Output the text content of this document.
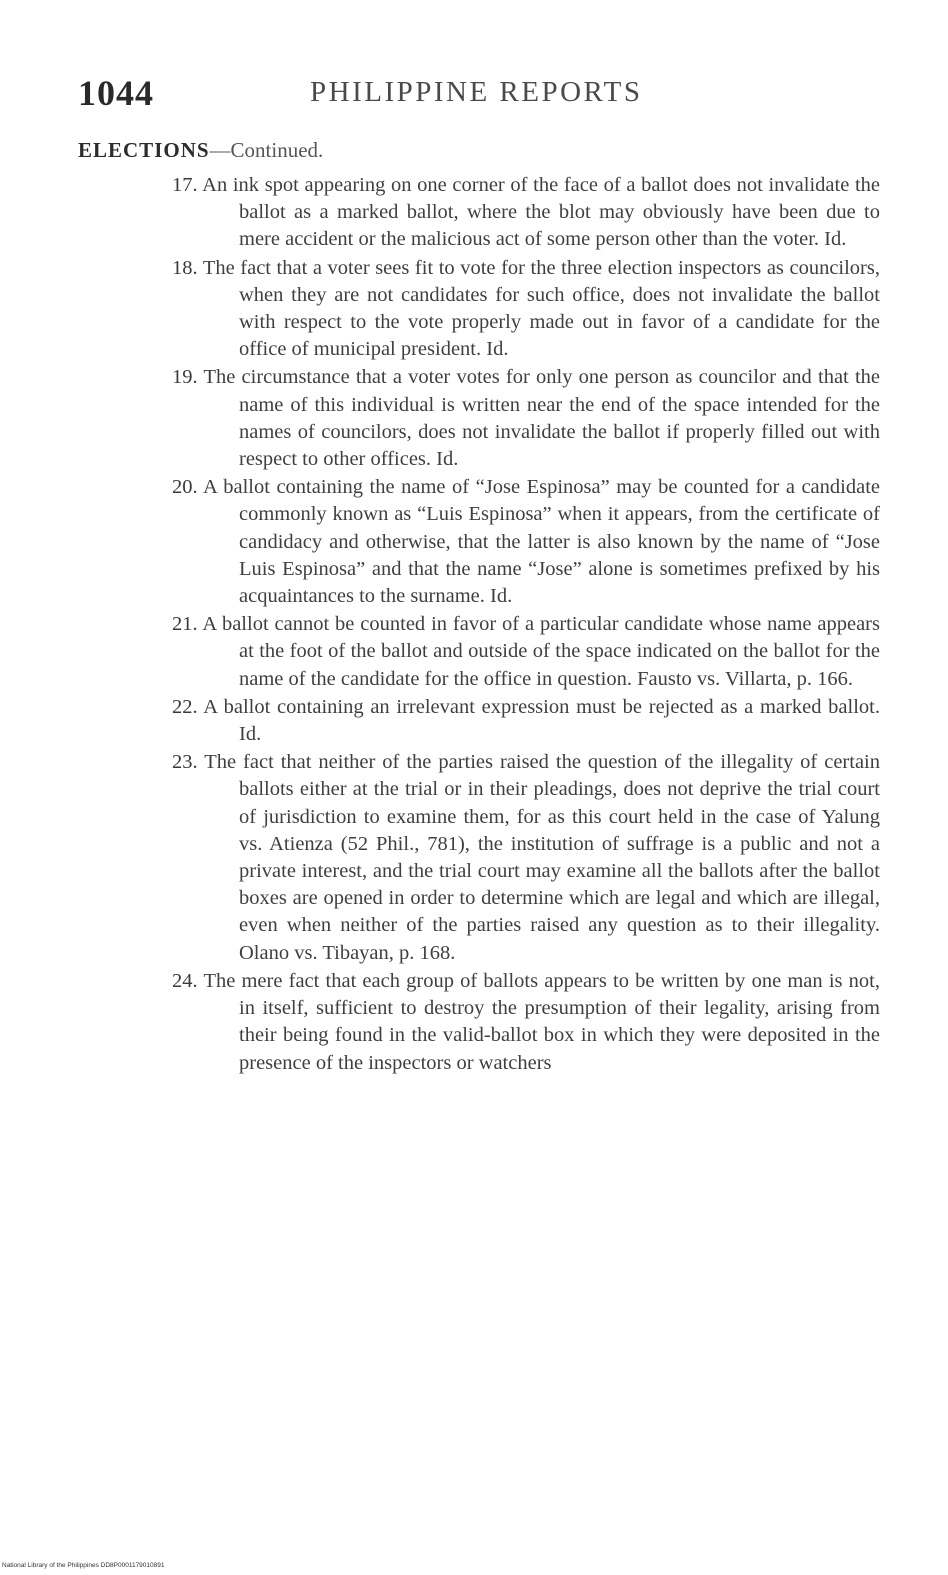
1044	PHILIPPINE REPORTS
ELECTIONS—Continued.
17. An ink spot appearing on one corner of the face of a ballot does not invalidate the ballot as a marked ballot, where the blot may obviously have been due to mere accident or the malicious act of some person other than the voter. Id.
18. The fact that a voter sees fit to vote for the three election inspectors as councilors, when they are not candidates for such office, does not invalidate the ballot with respect to the vote properly made out in favor of a candidate for the office of municipal president. Id.
19. The circumstance that a voter votes for only one person as councilor and that the name of this individual is written near the end of the space intended for the names of councilors, does not invalidate the ballot if properly filled out with respect to other offices. Id.
20. A ballot containing the name of “Jose Espinosa” may be counted for a candidate commonly known as “Luis Espinosa” when it appears, from the certificate of candidacy and otherwise, that the latter is also known by the name of “Jose Luis Espinosa” and that the name “Jose” alone is sometimes prefixed by his acquaintances to the surname. Id.
21. A ballot cannot be counted in favor of a particular candidate whose name appears at the foot of the ballot and outside of the space indicated on the ballot for the name of the candidate for the office in question. Fausto vs. Villarta, p. 166.
22. A ballot containing an irrelevant expression must be rejected as a marked ballot. Id.
23. The fact that neither of the parties raised the question of the illegality of certain ballots either at the trial or in their pleadings, does not deprive the trial court of jurisdiction to examine them, for as this court held in the case of Yalung vs. Atienza (52 Phil., 781), the institution of suffrage is a public and not a private interest, and the trial court may examine all the ballots after the ballot boxes are opened in order to determine which are legal and which are illegal, even when neither of the parties raised any question as to their illegality. Olano vs. Tibayan, p. 168.
24. The mere fact that each group of ballots appears to be written by one man is not, in itself, sufficient to destroy the presumption of their legality, arising from their being found in the valid-ballot box in which they were deposited in the presence of the inspectors or watchers
National Library of the Philippines DD8P0001179010891
